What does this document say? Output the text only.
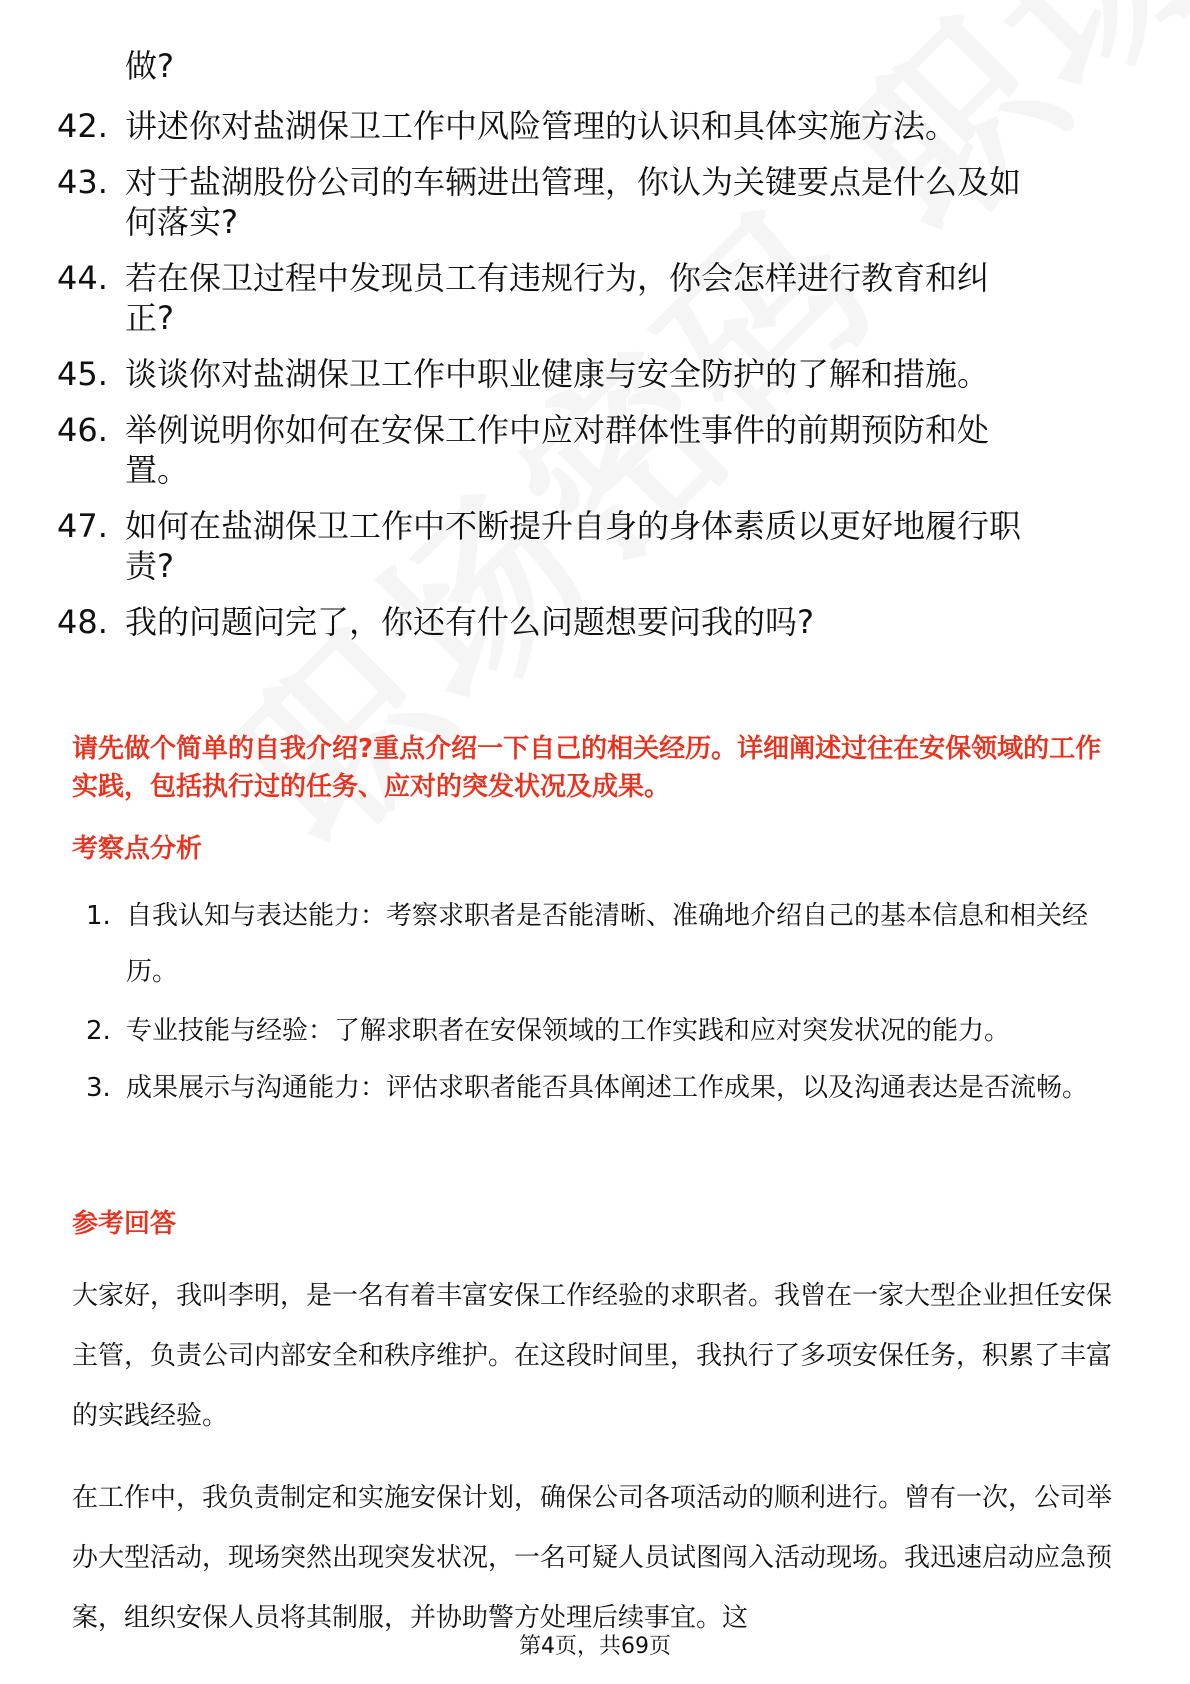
做?
42. 讲述你对盐湖保卫工作中风险管理的认识和具体实施方法。
43. 对于盐湖股份公司的车辆进出管理，你认为关键要点是什么及如
何落实?
44. 若在保卫过程中发现员工有违规行为，你会怎样进行教育和纠
正?
45. 谈谈你对盐湖保卫工作中职业健康与安全防护的了解和措施。
46. 举例说明你如何在安保工作中应对群体性事件的前期预防和处
置。
47. 如何在盐湖保卫工作中不断提升自身的身体素质以更好地履行职
责?
48. 我的问题问完了，你还有什么问题想要问我的吗?
请先做个简单的自我介绍?重点介绍一下自己的相关经历。详细阐述过往在安保领域的工作实践，包括执行过的任务、应对的突发状况及成果。
考察点分析
1. 自我认知与表达能力：考察求职者是否能清晰、准确地介绍自己的基本信息和相关经历。
2. 专业技能与经验：了解求职者在安保领域的工作实践和应对突发状况的能力。
3. 成果展示与沟通能力：评估求职者能否具体阐述工作成果，以及沟通表达是否流畅。
参考回答
大家好，我叫李明，是一名有着丰富安保工作经验的求职者。我曾在一家大型企业担任安保主管，负责公司内部安全和秩序维护。在这段时间里，我执行了多项安保任务，积累了丰富的实践经验。
在工作中，我负责制定和实施安保计划，确保公司各项活动的顺利进行。曾有一次，公司举办大型活动，现场突然出现突发状况，一名可疑人员试图闯入活动现场。我迅速启动应急预案，组织安保人员将其制服，并协助警方处理后续事宜。这
第4页，共69页
